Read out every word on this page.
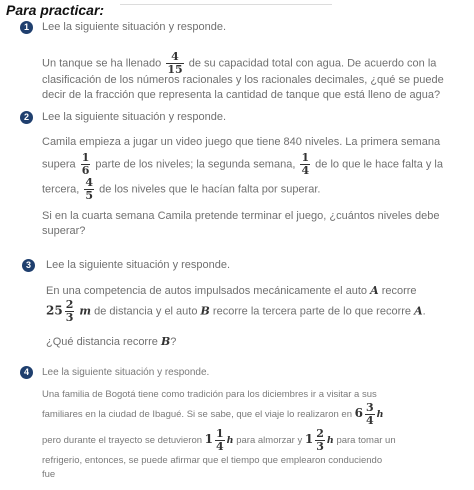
Para practicar:
1	Lee la siguiente situación y responde.
Un tanque se ha llenado $\frac{4}{15}$ de su capacidad total con agua. De acuerdo con la
clasificación de los números racionales y los racionales decimales, ¿qué se puede
decir de la fracción que representa la cantidad de tanque que está lleno de agua?
2	Lee la siguiente situación y responde.
Camila empieza a jugar un video juego que tiene 840 niveles. La primera semana
supera $\frac{1}{6}$ parte de los niveles; la segunda semana, $\frac{1}{4}$ de lo que le hace falta y la
tercera, $\frac{4}{5}$ de los niveles que le hacían falta por superar.
Si en la cuarta semana Camila pretende terminar el juego, ¿cuántos niveles debe
superar?
3	Lee la siguiente situación y responde.
En una competencia de autos impulsados mecánicamente el auto A recorre
$25 \frac{2}{3}$ m de distancia y el auto B recorre la tercera parte de lo que recorre A.
¿Qué distancia recorre B?
4	Lee la siguiente situación y responde.
Una familia de Bogotá tiene como tradición para los diciembres ir a visitar a sus
familiares en la ciudad de Ibagué. Si se sabe, que el viaje lo realizaron en $6 \frac{3}{4}$ h
pero durante el trayecto se detuvieron $1 \frac{1}{4}$ h para almorzar y $1 \frac{2}{3}$ h para tomar un
refrigerio, entonces, se puede afirmar que el tiempo que emplearon conduciendo
fue
